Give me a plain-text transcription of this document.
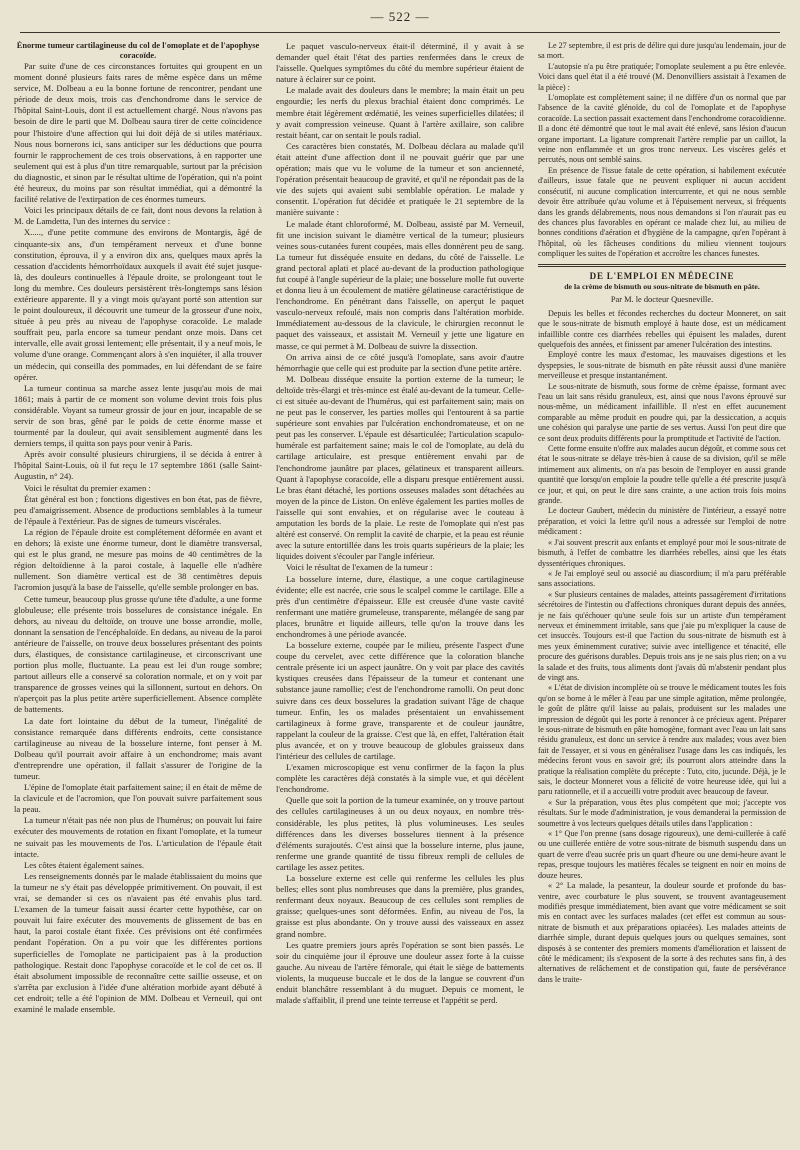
— 522 —

Énorme tumeur cartilagineuse du col de l'omoplate et de l'apophyse coracoïde.

Par suite d'une de ces circonstances fortuites qui groupent en un moment donné plusieurs faits rares de même espèce dans un même service, M. Dolbeau a eu la bonne fortune de rencontrer, pendant une période de deux mois, trois cas d'enchondrome dans le service de l'hôpital Saint-Louis, dont il est actuellement chargé. Nous n'avons pas besoin de dire le parti que M. Dolbeau saura tirer de cette coïncidence pour l'histoire d'une affection qui lui doit déjà de si utiles matériaux. Nous nous bornerons ici, sans anticiper sur les déductions que pourra fournir le rapprochement de ces trois observations, à en rapporter une seulement qui est à plus d'un titre remarquable, surtout par la précision du diagnostic, et sinon par le résultat ultime de l'opération, qui n'a point été heureux, du moins par son résultat immédiat, qui a démontré la facilité relative de l'extirpation de ces énormes tumeurs.

Voici les principaux détails de ce fait, dont nous devons la relation à M. de Lamdetta, l'un des internes du service :

X....., d'une petite commune des environs de Montargis, âgé de cinquante-six ans, d'un tempérament nerveux et d'une bonne constitution, éprouva, il y a environ dix ans, quelques maux après la cessation d'accidents hémorrhoïdaux auxquels il avait été sujet jusque-là, des douleurs continuelles à l'épaule droite, se prolongeant tout le long du membre. Ces douleurs persistèrent très-longtemps sans lésion extérieure apparente. Il y a vingt mois qu'ayant porté son attention sur le point douloureux, il découvrit une tumeur de la grosseur d'une noix, située à peu près au niveau de l'apophyse coracoïde. Le malade souffrait peu, parla encore sa tumeur pendant onze mois. Dans cet intervalle, elle avait grossi lentement; elle présentait, il y a neuf mois, le volume d'une orange. Commençant alors à s'en inquiéter, il alla trouver un médecin, qui conseilla des pommades, en lui défendant de se faire opérer.

La tumeur continua sa marche assez lente jusqu'au mois de mai 1861; mais à partir de ce moment son volume devint trois fois plus considérable. Voyant sa tumeur grossir de jour en jour, incapable de se servir de son bras, gêné par le poids de cette énorme masse et tourmenté par la douleur, qui avait sensiblement augmenté dans les derniers temps, il quitta son pays pour venir à Paris.

Après avoir consulté plusieurs chirurgiens, il se décida à entrer à l'hôpital Saint-Louis, où il fut reçu le 17 septembre 1861 (salle Saint-Augustin, n° 24).

Voici le résultat du premier examen :

État général est bon ; fonctions digestives en bon état, pas de fièvre, peu d'amaigrissement. Absence de productions semblables à la tumeur de l'épaule à l'extérieur. Pas de signes de tumeurs viscérales.

La région de l'épaule droite est complétement déformée en avant et en dehors; là existe une énorme tumeur, dont le diamètre transversal, qui est le plus grand, ne mesure pas moins de 40 centimètres de la région deltoïdienne à la paroi costale, à laquelle elle n'adhère nullement. Son diamètre vertical est de 38 centimètres depuis l'acromion jusqu'à la base de l'aisselle, qu'elle semble prolonger en bas.

Cette tumeur, beaucoup plus grosse qu'une tête d'adulte, a une forme globuleuse; elle présente trois bosselures de consistance inégale. En dehors, au niveau du deltoïde, on trouve une bosse arrondie, molle, donnant la sensation de l'encéphaloïde. En dedans, au niveau de la paroi antérieure de l'aisselle, on trouve deux bosselures présentant des points durs, élastiques, de consistance cartilagineuse, et circonscrivant une portion plus molle, fluctuante. La peau est lei d'un rouge sombre; partout ailleurs elle a conservé sa coloration normale, et on y voit par transparence de grosses veines qui la sillonnent, surtout en dehors. On n'aperçoit pas la plus petite artère superficiellement. Absence complète de battements.

La date fort lointaine du début de la tumeur, l'inégalité de consistance remarquée dans différents endroits, cette consistance cartilagineuse au niveau de la bosselure interne, font penser à M. Dolbeau qu'il pourrait avoir affaire à un enchondrome; mais avant d'entreprendre une opération, il fallait s'assurer de l'origine de la tumeur.

L'épine de l'omoplate était parfaitement saine; il en était de même de la clavicule et de l'acromion, que l'on pouvait suivre parfaitement sous la peau.

La tumeur n'était pas née non plus de l'humérus; on pouvait lui faire exécuter des mouvements de rotation en fixant l'omoplate, et la tumeur ne suivait pas les mouvements de l'os. L'articulation de l'épaule était intacte.

Les côtes étaient également saines.

Les renseignements donnés par le malade établissaient du moins que la tumeur ne s'y était pas développée primitivement. On pouvait, il est vrai, se demander si ces os n'avaient pas été envahis plus tard. L'examen de la tumeur faisait aussi écarter cette hypothèse, car on pouvait lui faire exécuter des mouvements de glissement de bas en haut, la paroi costale étant fixée. Ces prévisions ont été confirmées pendant l'opération. On a pu voir que les différentes portions superficielles de l'omoplate ne participaient pas à la production pathologique. Restait donc l'apophyse coracoïde et le col de cet os. Il était absolument impossible de reconnaître cette saillie osseuse, et on s'arrêta par exclusion à l'idée d'une altération morbide ayant débuté à cet endroit; telle a été l'opinion de MM. Dolbeau et Verneuil, qui ont examiné le malade ensemble.

Le paquet vasculo-nerveux était-il déterminé, il y avait à se demander quel était l'état des parties renfermées dans le creux de l'aisselle. Quelques symptômes du côté du membre supérieur étaient de nature à éclairer sur ce point.

Le malade avait des douleurs dans le membre; la main était un peu engourdie; les nerfs du plexus brachial étaient donc comprimés. Le membre était légèrement œdématié, les veines superficielles dilatées; il y avait compression veineuse. Quant à l'artère axillaire, son calibre restait béant, car on sentait le pouls radial.

Ces caractères bien constatés, M. Dolbeau déclara au malade qu'il était atteint d'une affection dont il ne pouvait guérir que par une opération; mais que vu le volume de la tumeur et son ancienneté, l'opération présentait beaucoup de gravité, et qu'il ne répondait pas de la vie des sujets qui avaient subi semblable opération. Le malade y consentit. L'opération fut décidée et pratiquée le 21 septembre de la manière suivante :

Le malade étant chloroformé, M. Dolbeau, assisté par M. Verneuil, fit une incision suivant le diamètre vertical de la tumeur; plusieurs veines sous-cutanées furent coupées, mais elles donnèrent peu de sang. La tumeur fut disséquée ensuite en dedans, du côté de l'aisselle. Le grand pectoral aplati et placé au-devant de la production pathologique fut coupé à l'angle supérieur de la plaie; une bosselure molle fut ouverte et donna lieu à un écoulement de matière gélatineuse caractéristique de l'enchondrome. En pénétrant dans l'aisselle, on aperçut le paquet vasculo-nerveux refoulé, mais non compris dans l'altération morbide. Immédiatement au-dessous de la clavicule, le chirurgien reconnut le paquet des vaisseaux, et assistait M. Verneuil y jette une ligature en masse, ce qui permet à M. Dolbeau de suivre la dissection.

On arriva ainsi de ce côté jusqu'à l'omoplate, sans avoir d'autre hémorrhagie que celle qui est produite par la section d'une petite artère.

M. Dolbeau disséque ensuite la portion externe de la tumeur; le deltoïde très-élargi et très-mince est étalé au-devant de la tumeur. Celle-ci est située au-devant de l'humérus, qui est parfaitement sain; mais on ne peut pas le conserver, les parties molles qui l'entourent à sa partie supérieure sont envahies par l'ulcération enchondromateuse, et on ne peut pas les conserver. L'épaule est désarticulée; l'articulation scapulo-humérale est parfaitement saine; mais le col de l'omoplate, au delà du cartilage articulaire, est presque entièrement envahi par de l'enchondrome jaunâtre par places, gélatineux et transparent ailleurs. Quant à l'apophyse coracoïde, elle a disparu presque entièrement aussi. Le bras étant détaché, les portions osseuses malades sont détachées au moyen de la pince de Liston. On enlève également les parties molles de l'aisselle qui sont envahies, et on régularise avec le couteau à amputation les bords de la plaie. Le reste de l'omoplate qui n'est pas altéré est conservé. On remplit la cavité de charpie, et la peau est réunie avec la suture entortillée dans les trois quarts supérieurs de la plaie; les liquides doivent s'écouler par l'angle inférieur.

Voici le résultat de l'examen de la tumeur :

La bosselure interne, dure, élastique, a une coque cartilagineuse évidente; elle est nacrée, crie sous le scalpel comme le cartilage. Elle a près d'un centimètre d'épaisseur. Elle est creusée d'une vaste cavité renfermant une matière grumeleuse, transparente, mélangée de sang par places, brunâtre et liquide ailleurs, telle qu'on la trouve dans les enchondromes à une période avancée.

La bosselure externe, coupée par le milieu, présente l'aspect d'une coupe du cervelet, avec cette différence que la coloration blanche centrale présente ici un aspect jaunâtre. On y voit par place des cavités kystiques creusées dans l'épaisseur de la tumeur et contenant une substance jaune ramollie; c'est de l'enchondrome ramolli. On peut donc suivre dans ces deux bosselures la gradation suivant l'âge de chaque tumeur. Enfin, les os malades présentaient un envahissement cartilagineux à forme grave, transparente et de couleur jaunâtre, rappelant la couleur de la graisse. C'est que là, en effet, l'altération était plus avancée, et on y trouve beaucoup de globules graisseux dans l'intérieur des cellules de cartilage.

L'examen microscopique est venu confirmer de la façon la plus complète les caractères déjà constatés à la simple vue, et qui décèlent l'enchondrome.

Quelle que soit la portion de la tumeur examinée, on y trouve partout des cellules cartilagineuses à un ou deux noyaux, en nombre très-considérable, les plus petites, là plus volumineuses. Les seules différences dans les diverses bosselures tiennent à la présence d'éléments surajoutés. C'est ainsi que la bosselure interne, plus jaune, renferme une grande quantité de tissu fibreux rempli de cellules de cartilage les assez petites.

La bosselure externe est celle qui renferme les cellules les plus belles; elles sont plus nombreuses que dans la première, plus grandes, renfermant deux noyaux. Beaucoup de ces cellules sont remplies de graisse; quelques-unes sont déformées. Enfin, au niveau de l'os, la graisse est plus abondante. On y trouve aussi des vaisseaux en assez grand nombre.

Les quatre premiers jours après l'opération se sont bien passés. Le soir du cinquième jour il éprouve une douleur assez forte à la cuisse gauche. Au niveau de l'artère fémorale, qui était le siège de battements violents, la muqueuse buccale et le dos de la langue se couvrent d'un enduit blanchâtre ressemblant à du muguet. Depuis ce moment, le malade s'affaiblit, il prend une teinte terreuse et l'appétit se perd.

Le 27 septembre, il est pris de délire qui dure jusqu'au lendemain, jour de sa mort.

L'autopsie n'a pu être pratiquée; l'omoplate seulement a pu être enlevée. Voici dans quel état il a été trouvé (M. Denonvilliers assistait à l'examen de la pièce) :

L'omoplate est complètement saine; il ne diffère d'un os normal que par l'absence de la cavité glénoïde, du col de l'omoplate et de l'apophyse coracoïde. La section passait exactement dans l'enchondrome coracoïdienne. Il a donc été démontré que tout le mal avait été enlevé, sans lésion d'aucun organe important. La ligature comprenait l'artère remplie par un caillot, la veine non enflammée et un gros tronc nerveux. Les viscères gelés et percutés, nous ont semblé sains.

En présence de l'issue fatale de cette opération, si habilement exécutée d'ailleurs, issue fatale que ne peuvent expliquer ni aucun accident consécutif, ni aucune complication intercurrente, et qui ne nous semble devoir être attribuée qu'au volume et à l'épuisement nerveux, si fréquents dans les grands délabrements, nous nous demandons si l'on n'aurait pas eu des chances plus favorables en opérant ce malade chez lui, au milieu de bonnes conditions d'aération et d'hygiène de la campagne, qu'en l'opérant à l'hôpital, où les fâcheuses conditions du milieu viennent toujours compliquer les suites de l'opération et accroître les chances funestes.

DE L'EMPLOI EN MÉDECINE
de la crème de bismuth ou sous-nitrate de bismuth en pâte.
Par M. le docteur Quesneville.

Depuis les belles et fécondes recherches du docteur Monneret, on sait que le sous-nitrate de bismuth employé à haute dose, est un médicament infaillible contre ces diarrhées rebelles qui épuisent les malades, durent quelquefois des années, et finissent par amener l'ulcération des intestins.

Employé contre les maux d'estomac, les mauvaises digestions et les dyspepsies, le sous-nitrate de bismuth en pâte réussit aussi d'une manière merveilleuse et presque instantanément.

Le sous-nitrate de bismuth, sous forme de crème épaisse, formant avec l'eau un lait sans résidu granuleux, est, ainsi que nous l'avons éprouvé sur nous-même, un médicament infaillible. Il n'est en effet aucunement comparable au même produit en poudre qui, par la dessiccation, a acquis une cohésion qui paralyse une partie de ses vertus. Aussi l'on peut dire que ce sont deux produits différents pour la promptitude et l'activité de l'action.

Cette forme ensuite n'offre aux malades aucun dégoût, et comme sous cet état le sous-nitrate se délaye très-bien à cause de sa division, qu'il se mêle intimement aux aliments, on n'a pas besoin de l'employer en aussi grande quantité que lorsqu'on emploie la poudre telle qu'elle a été prescrite jusqu'à ce jour, et qui, on peut le dire sans crainte, a une action trois fois moins grande.

Le docteur Gaubert, médecin du ministère de l'intérieur, a essayé notre préparation, et voici la lettre qu'il nous a adressée sur l'emploi de notre médicament :

« J'ai souvent prescrit aux enfants et employé pour moi le sous-nitrate de bismuth, à l'effet de combattre les diarrhées rebelles, ainsi que les états dyssentériques chroniques.

« Je l'ai employé seul ou associé au diascordium; il m'a paru préférable sans associations.

« Sur plusieurs centaines de malades, atteints passagèrement d'irritations sécrétoires de l'intestin ou d'affections chroniques durant depuis des années, je ne fais qu'échouer qu'une seule fois sur un artiste d'un tempérament nerveux et éminemment irritable, sans que j'aie pu m'expliquer la cause de cet insuccès. Toujours est-il que l'action du sous-nitrate de bismuth est à mes yeux éminemment curative; suivie avec intelligence et ténacité, elle procure des guérisons durables. Depuis trois ans je ne sais plus rien; on a vu la salade et des fruits, tous aliments dont j'avais dû m'abstenir pendant plus de vingt ans.

« L'état de division incomplète où se trouve le médicament toutes les fois qu'on se borne à le mêler à l'eau par une simple agitation, même prolongée, le goût de plâtre qu'il laisse au palais, produisent sur les malades une impression de dégoût qui les porte à renoncer à ce précieux agent. Préparer le sous-nitrate de bismuth en pâte homogène, formant avec l'eau un lait sans résidu granuleux, est donc un service à rendre aux malades; vous avez bien fait de l'essayer, et si vous en généralisez l'usage dans les cas indiqués, les médecins feront vous en savoir gré; ils pourront alors atteindre dans la pratique la réalisation complète du précepte : Tuto, cito, jucunde. Déjà, je le sais, le docteur Monneret vous a félicité de votre heureuse idée, qui lui a paru rationnelle, et il a accueilli votre produit avec beaucoup de faveur.

« Sur la préparation, vous êtes plus compétent que moi; j'accepte vos résultats. Sur le mode d'administration, je vous demanderai la permission de soumettre à vos lecteurs quelques détails utiles dans l'application :

« 1° Que l'on prenne (sans dosage rigoureux), une demi-cuillerée à café ou une cuillerée entière de votre sous-nitrate de bismuth suspendu dans un quart de verre d'eau sucrée pris un quart d'heure ou une demi-heure avant le repas, presque toujours les matières fécales se teignent en noir en moins de douze heures.

« 2° La malade, la pesanteur, la douleur sourde et profonde du bas-ventre, avec courbature le plus souvent, se trouvent avantageusement modifiés presque immédiatement, bien avant que votre médicament se soit mis en contact avec les surfaces malades (cet effet est commun au sous-nitrate de bismuth et aux préparations opiacées). Les malades atteints de diarrhée simple, durant depuis quelques jours ou quelques semaines, sont disposés à se contenter des premiers moments d'amélioration et laissent de côté le médicament; ils s'exposent de la sorte à des rechutes sans fin, à des alternatives de relâchement et de constipation qui, faute de persévérance dans le traite-
